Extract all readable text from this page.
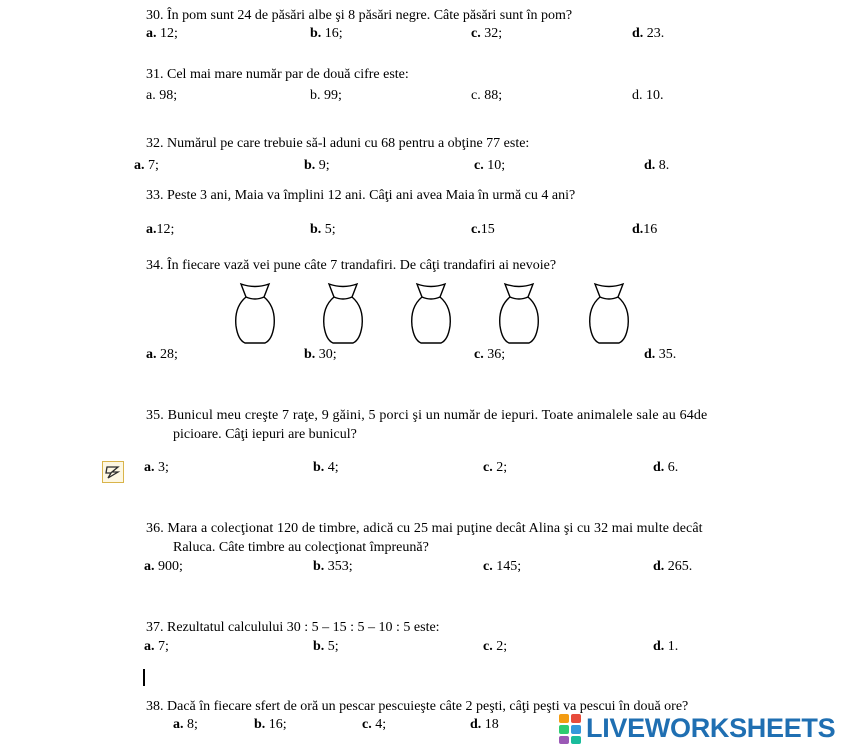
30. În pom sunt 24 de păsări albe şi 8 păsări negre. Câte păsări sunt în pom?
a. 12;	b. 16;	c. 32;	d. 23.
31. Cel mai mare număr par de două cifre este:
a. 98;	b. 99;	c. 88;	d. 10.
32. Numărul pe care trebuie să-l aduni cu 68 pentru a obţine 77 este:
a. 7;	b. 9;	c. 10;	d. 8.
33. Peste 3 ani, Maia va împlini 12 ani. Câţi ani avea Maia în urmă cu 4 ani?
a.12;	b. 5;	c.15	d.16
34. În fiecare vază vei pune câte 7 trandafiri. De câţi trandafiri ai nevoie?
a. 28;	b. 30;	c. 36;	d. 35.
35. Bunicul meu creşte 7 raţe, 9 găini, 5 porci şi un număr de iepuri. Toate animalele sale au 64de
picioare. Câţi iepuri are bunicul?
a. 3;	b. 4;	c. 2;	d. 6.
36. Mara a colecţionat 120 de timbre, adică cu 25 mai puţine decât Alina şi cu 32 mai multe decât
Raluca. Câte timbre au colecţionat împreună?
a. 900;	b. 353;	c. 145;	d. 265.
37. Rezultatul calculului 30 : 5 – 15 : 5 – 10 : 5 este:
a. 7;	b. 5;	c. 2;	d. 1.
38. Dacă în fiecare sfert de oră un pescar pescuieşte câte 2 peşti, câţi peşti va pescui în două ore?
a. 8;	b. 16;	c. 4;	d. 18	LIVEWORKSHEETS
